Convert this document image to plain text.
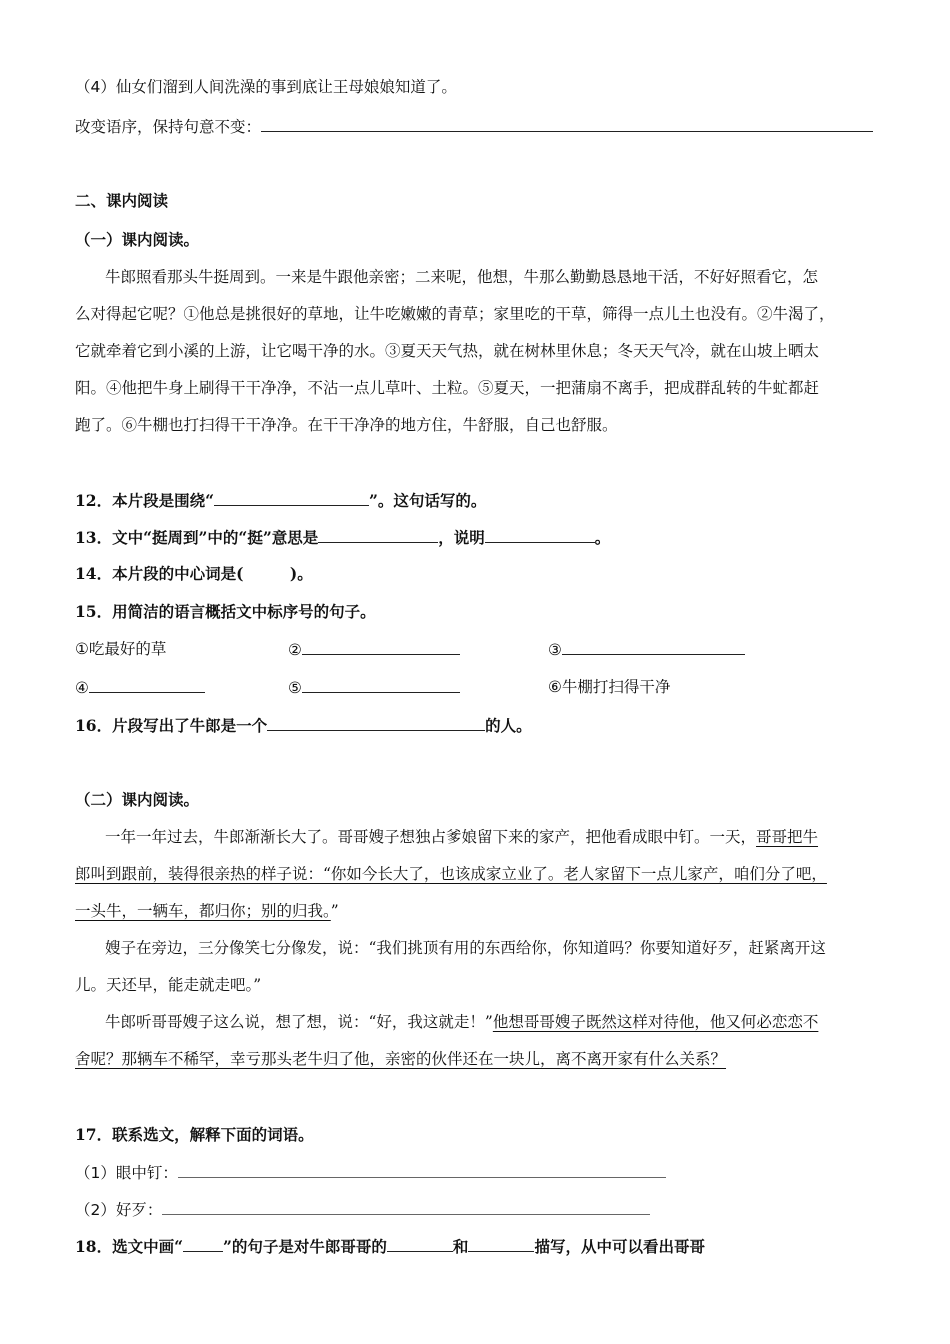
（4）仙女们溜到人间洗澡的事到底让王母娘娘知道了。
改变语序，保持句意不变：
二、课内阅读
（一）课内阅读。
牛郎照看那头牛挺周到。一来是牛跟他亲密；二来呢，他想，牛那么勤勤恳恳地干活，不好好照看它，怎
么对得起它呢？①他总是挑很好的草地，让牛吃嫩嫩的青草；家里吃的干草，筛得一点儿土也没有。②牛渴了，
它就牵着它到小溪的上游，让它喝干净的水。③夏天天气热，就在树林里休息；冬天天气冷，就在山坡上晒太
阳。④他把牛身上刷得干干净净，不沾一点儿草叶、土粒。⑤夏天，一把蒲扇不离手，把成群乱转的牛虻都赶
跑了。⑥牛棚也打扫得干干净净。在干干净净的地方住，牛舒服，自己也舒服。
12．本片段是围绕“	”。这句话写的。
13．文中“挺周到”中的“挺”意思是	，说明	。
14．本片段的中心词是(　　　)。
15．用简洁的语言概括文中标序号的句子。
①吃最好的草	②	③
④	⑤	⑥牛棚打扫得干净
16．片段写出了牛郎是一个	的人。
（二）课内阅读。
一年一年过去，牛郎渐渐长大了。哥哥嫂子想独占爹娘留下来的家产，把他看成眼中钉。一天，哥哥把牛
郎叫到跟前，装得很亲热的样子说：“你如今长大了，也该成家立业了。老人家留下一点儿家产，咱们分了吧，
一头牛，一辆车，都归你；别的归我。”
嫂子在旁边，三分像笑七分像发，说：“我们挑顶有用的东西给你，你知道吗？你要知道好歹，赶紧离开这
儿。天还早，能走就走吧。”
牛郎听哥哥嫂子这么说，想了想，说：“好，我这就走！”他想哥哥嫂子既然这样对待他，他又何必恋恋不
舍呢？那辆车不稀罕，幸亏那头老牛归了他，亲密的伙伴还在一块儿，离不离开家有什么关系？
17．联系选文，解释下面的词语。
（1）眼中钉：
（2）好歹：
18．选文中画“	”的句子是对牛郎哥哥的	和	描写，从中可以看出哥哥
